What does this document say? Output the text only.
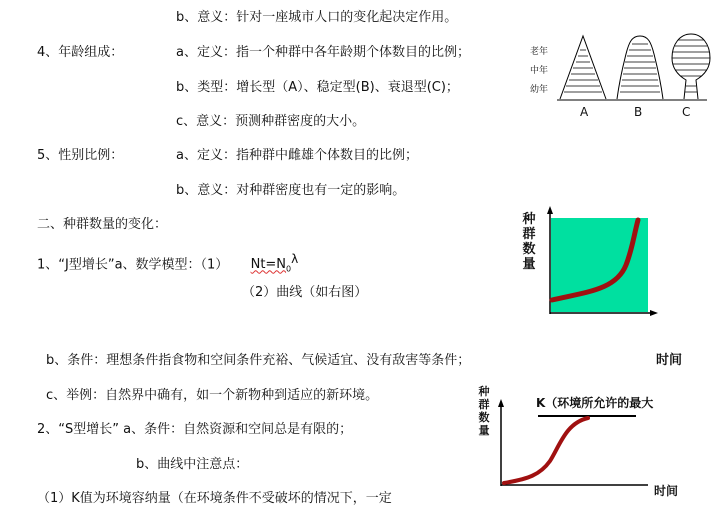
b、意义：针对一座城市人口的变化起决定作用。
4、年龄组成：	a、定义：指一个种群中各年龄期个体数目的比例；
b、类型：增长型（A）、稳定型(B)、衰退型(C)；
c、意义：预测种群密度的大小。
5、性别比例：	a、定义：指种群中雌雄个体数目的比例；
b、意义：对种群密度也有一定的影响。
二、种群数量的变化：
1、“J型增长”a、数学模型：（1） $Nt=N_0^\lambda$
（2）曲线（如右图）
b、条件：理想条件指食物和空间条件充裕、气候适宜、没有敌害等条件；
c、举例：自然界中确有，如一个新物种到适应的新环境。
2、“S型增长” a、条件：自然资源和空间总是有限的；
b、曲线中注意点：
（1）K值为环境容纳量（在环境条件不受破坏的情况下，一定
老年
中年
幼年
A	B	C
种群数量
时间
K（环境所允许的最大
种群数量
时间
